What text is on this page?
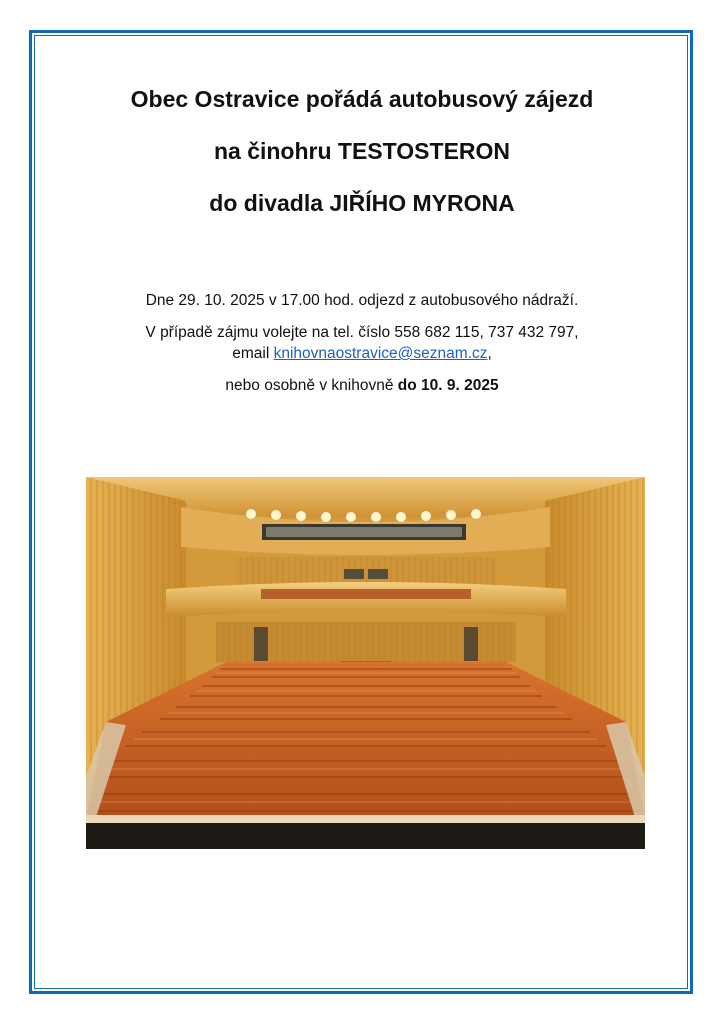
Obec Ostravice pořádá autobusový zájezd
na činohru TESTOSTERON
do divadla JIŘÍHO MYRONA

Dne 29. 10. 2025 v 17.00 hod. odjezd z autobusového nádraží.

V případě zájmu volejte na tel. číslo 558 682 115, 737 432 797,

email knihovnaostravice@seznam.cz,

nebo osobně v knihovně do 10. 9. 2025
